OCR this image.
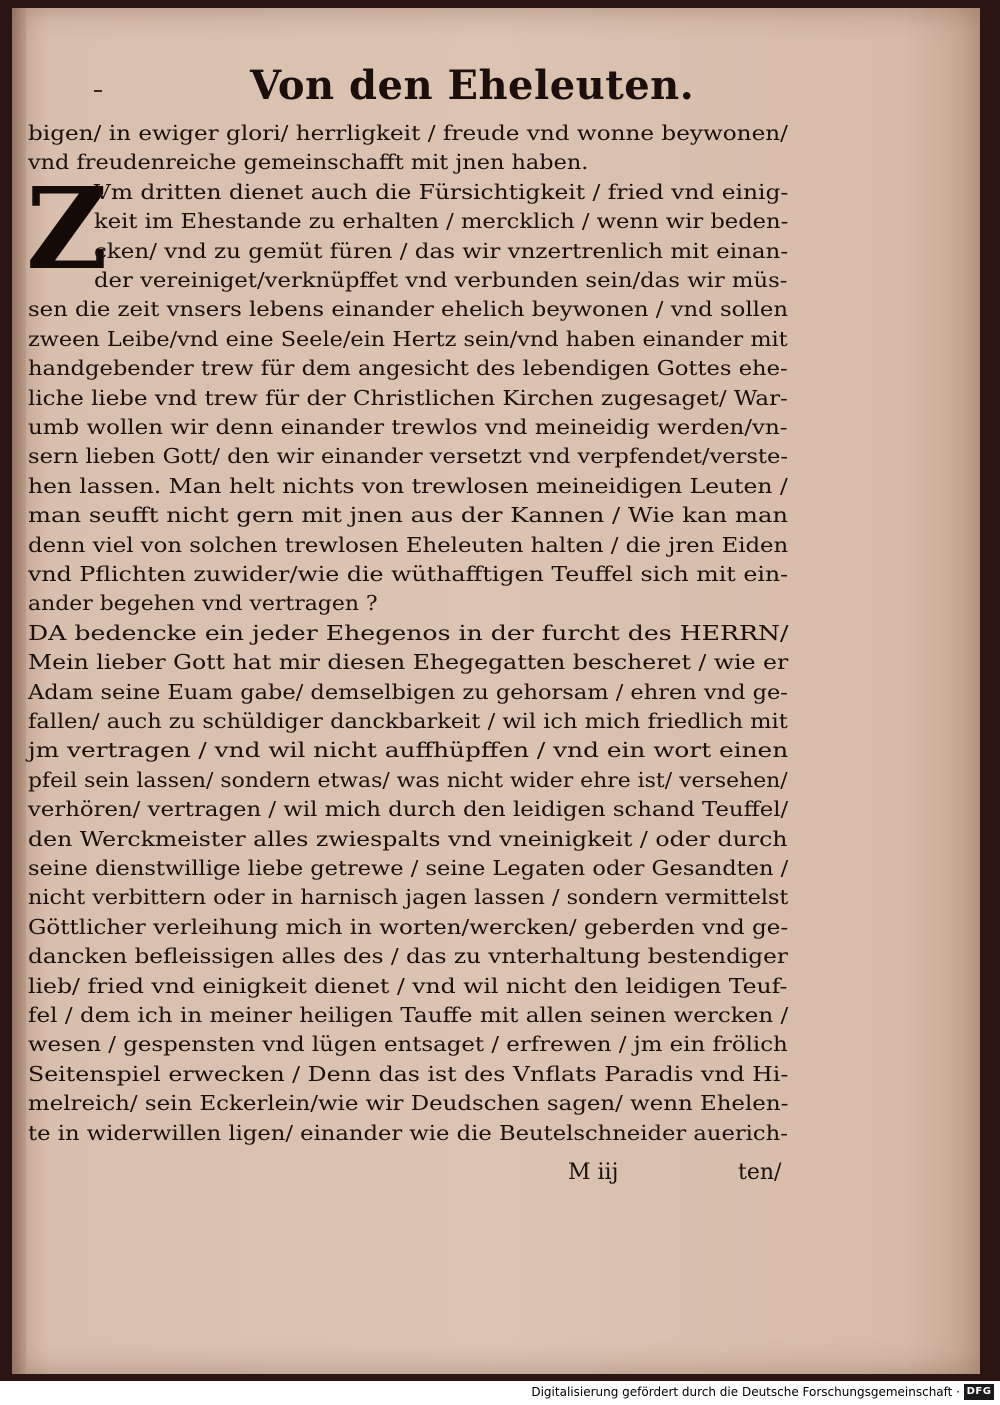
Von den Eheleuten.
Z
bigen/ in ewiger glori/ herrligkeit / freude vnd wonne beywonen/
vnd freudenreiche gemeinschafft mit jnen haben.
Vm dritten dienet auch die Fürsichtigkeit / fried vnd einig-
keit im Ehestande zu erhalten / mercklich / wenn wir beden-
cken/ vnd zu gemüt füren / das wir vnzertrenlich mit einan-
der vereiniget/verknüpffet vnd verbunden sein/das wir müs-
sen die zeit vnsers lebens einander ehelich beywonen / vnd sollen
zween Leibe/vnd eine Seele/ein Hertz sein/vnd haben einander mit
handgebender trew für dem angesicht des lebendigen Gottes ehe-
liche liebe vnd trew für der Christlichen Kirchen zugesaget/ War-
umb wollen wir denn einander trewlos vnd meineidig werden/vn-
sern lieben Gott/ den wir einander versetzt vnd verpfendet/verste-
hen lassen. Man helt nichts von trewlosen meineidigen Leuten /
man seufft nicht gern mit jnen aus der Kannen / Wie kan man
denn viel von solchen trewlosen Eheleuten halten / die jren Eiden
vnd Pflichten zuwider/wie die wüthafftigen Teuffel sich mit ein-
ander begehen vnd vertragen ?
DA bedencke ein jeder Ehegenos in der furcht des HERRN/
Mein lieber Gott hat mir diesen Ehegegatten bescheret / wie er
Adam seine Euam gabe/ demselbigen zu gehorsam / ehren vnd ge-
fallen/ auch zu schüldiger danckbarkeit / wil ich mich friedlich mit
jm vertragen / vnd wil nicht auffhüpffen / vnd ein wort einen
pfeil sein lassen/ sondern etwas/ was nicht wider ehre ist/ versehen/
verhören/ vertragen / wil mich durch den leidigen schand Teuffel/
den Werckmeister alles zwiespalts vnd vneinigkeit / oder durch
seine dienstwillige liebe getrewe / seine Legaten oder Gesandten /
nicht verbittern oder in harnisch jagen lassen / sondern vermittelst
Göttlicher verleihung mich in worten/wercken/ geberden vnd ge-
dancken befleissigen alles des / das zu vnterhaltung bestendiger
lieb/ fried vnd einigkeit dienet / vnd wil nicht den leidigen Teuf-
fel / dem ich in meiner heiligen Tauffe mit allen seinen wercken /
wesen / gespensten vnd lügen entsaget / erfrewen / jm ein frölich
Seitenspiel erwecken / Denn das ist des Vnflats Paradis vnd Hi-
melreich/ sein Eckerlein/wie wir Deudschen sagen/ wenn Ehelen-
te in widerwillen ligen/ einander wie die Beutelschneider auerich-
M iij	ten/
Digitalisierung gefördert durch die Deutsche Forschungsgemeinschaft · DFG
